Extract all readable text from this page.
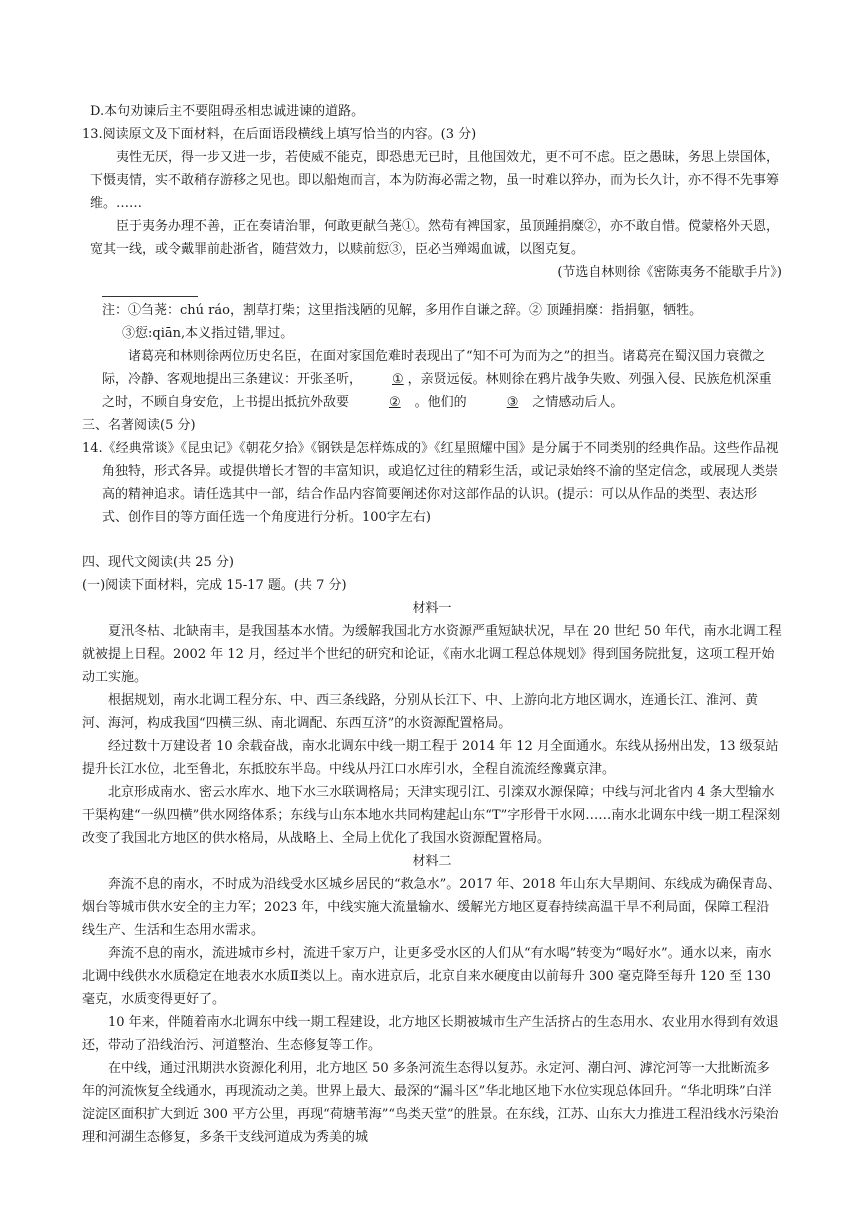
D.本句劝谏后主不要阻碍丞相忠诚进谏的道路。

13.阅读原文及下面材料，在后面语段横线上填写恰当的内容。(3 分)

夷性无厌，得一步又进一步，若使威不能克，即恐患无已时，且他国效尤，更不可不虑。臣之愚昧，务思上崇国体，下慑夷情，实不敢稍存游移之见也。即以船炮而言，本为防海必需之物，虽一时难以猝办，而为长久计，亦不得不先事筹维。……

臣于夷务办理不善，正在奏请治罪，何敢更献刍荛①。然苟有裨国家，虽顶踵捐糜②，亦不敢自惜。傥蒙格外天恩，宽其一线，或令戴罪前赴浙省，随营效力，以赎前愆③，臣必当殚竭血诚，以图克复。

(节选自林则徐《密陈夷务不能歇手片》)

注：①刍荛：chú ráo，割草打柴；这里指浅陋的见解，多用作自谦之辞。② 顶踵捐糜：指捐躯，牺牲。

③愆:qiān,本义指过错,罪过。

诸葛亮和林则徐两位历史名臣，在面对家国危难时表现出了“知不可为而为之”的担当。诸葛亮在蜀汉国力衰微之际，冷静、客观地提出三条建议：开张圣听， ① ，亲贤远佞。林则徐在鸦片战争失败、列强入侵、民族危机深重之时，不顾自身安危，上书提出抵抗外敌要	② 。他们的	③ 之情感动后人。

三、名著阅读(5 分)

14.《经典常谈》《昆虫记》《朝花夕拾》《钢铁是怎样炼成的》《红星照耀中国》是分属于不同类别的经典作品。这些作品视角独特，形式各异。或提供增长才智的丰富知识，或追忆过往的精彩生活，或记录始终不渝的坚定信念，或展现人类崇高的精神追求。请任选其中一部，结合作品内容简要阐述你对这部作品的认识。(提示：可以从作品的类型、表达形式、创作目的等方面任选一个角度进行分析。100字左右)

四、现代文阅读(共 25 分)

(一)阅读下面材料，完成 15-17 题。(共 7 分)

材料一

夏汛冬枯、北缺南丰，是我国基本水情。为缓解我国北方水资源严重短缺状况，早在 20 世纪 50 年代，南水北调工程就被提上日程。2002 年 12 月，经过半个世纪的研究和论证，《南水北调工程总体规划》得到国务院批复，这项工程开始动工实施。

根据规划，南水北调工程分东、中、西三条线路，分别从长江下、中、上游向北方地区调水，连通长江、淮河、黄河、海河，构成我国“四横三纵、南北调配、东西互济”的水资源配置格局。

经过数十万建设者 10 余载奋战，南水北调东中线一期工程于 2014 年 12 月全面通水。东线从扬州出发，13 级泵站提升长江水位，北至鲁北，东抵胶东半岛。中线从丹江口水库引水，全程自流流经豫冀京津。

北京形成南水、密云水库水、地下水三水联调格局；天津实现引江、引滦双水源保障；中线与河北省内 4 条大型输水干渠构建“一纵四横”供水网络体系；东线与山东本地水共同构建起山东“T”字形骨干水网……南水北调东中线一期工程深刻改变了我国北方地区的供水格局，从战略上、全局上优化了我国水资源配置格局。

材料二

奔流不息的南水，不时成为沿线受水区城乡居民的“救急水”。2017 年、2018 年山东大旱期间、东线成为确保青岛、烟台等城市供水安全的主力军；2023 年，中线实施大流量输水、缓解光方地区夏春持续高温干旱不利局面，保障工程沿线生产、生活和生态用水需求。

奔流不息的南水，流进城市乡村，流进千家万户，让更多受水区的人们从“有水喝”转变为“喝好水”。通水以来，南水北调中线供水水质稳定在地表水水质Ⅱ类以上。南水进京后，北京自来水硬度由以前每升 300 毫克降至每升 120 至 130 毫克，水质变得更好了。

10 年来，伴随着南水北调东中线一期工程建设，北方地区长期被城市生产生活挤占的生态用水、农业用水得到有效退还，带动了沿线治污、河道整治、生态修复等工作。

在中线，通过汛期洪水资源化利用，北方地区 50 多条河流生态得以复苏。永定河、潮白河、滹沱河等一大批断流多年的河流恢复全线通水，再现流动之美。世界上最大、最深的“漏斗区”华北地区地下水位实现总体回升。“华北明珠”白洋淀淀区面积扩大到近 300 平方公里，再现“荷塘苇海”“鸟类天堂”的胜景。在东线，江苏、山东大力推进工程沿线水污染治理和河湖生态修复，多条干支线河道成为秀美的城
